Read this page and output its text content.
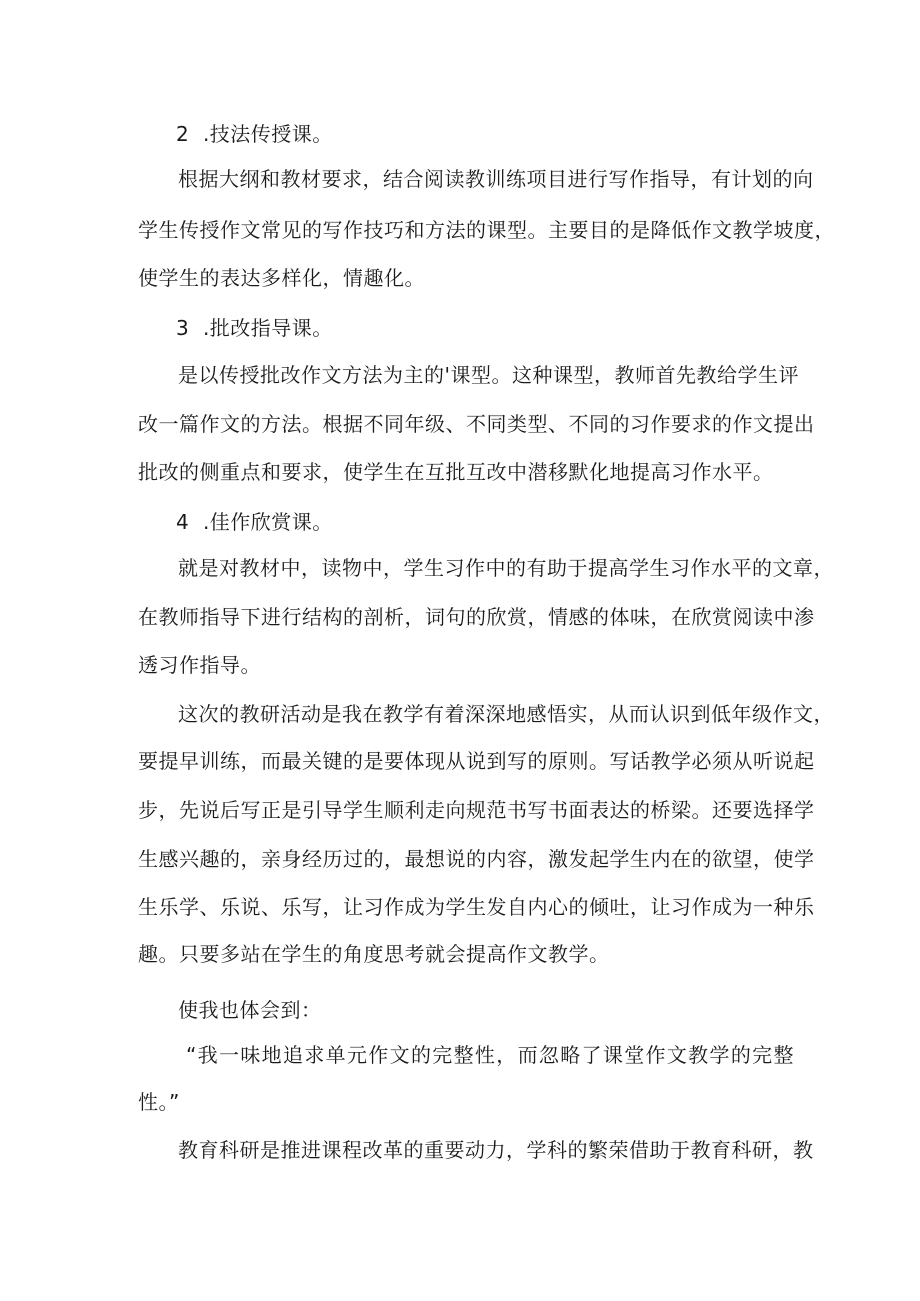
2  .技法传授课。
根据大纲和教材要求，结合阅读教训练项目进行写作指导，有计划的向
学生传授作文常见的写作技巧和方法的课型。主要目的是降低作文教学坡度，
使学生的表达多样化，情趣化。
3  .批改指导课。
是以传授批改作文方法为主的'课型。这种课型，教师首先教给学生评
改一篇作文的方法。根据不同年级、不同类型、不同的习作要求的作文提出
批改的侧重点和要求，使学生在互批互改中潜移默化地提高习作水平。
4  .佳作欣赏课。
就是对教材中，读物中，学生习作中的有助于提高学生习作水平的文章，
在教师指导下进行结构的剖析，词句的欣赏，情感的体味，在欣赏阅读中渗
透习作指导。
这次的教研活动是我在教学有着深深地感悟实，从而认识到低年级作文，
要提早训练，而最关键的是要体现从说到写的原则。写话教学必须从听说起
步，先说后写正是引导学生顺利走向规范书写书面表达的桥梁。还要选择学
生感兴趣的，亲身经历过的，最想说的内容，激发起学生内在的欲望，使学
生乐学、乐说、乐写，让习作成为学生发自内心的倾吐，让习作成为一种乐
趣。只要多站在学生的角度思考就会提高作文教学。
使我也体会到：
“我一味地追求单元作文的完整性，而忽略了课堂作文教学的完整
性。”
教育科研是推进课程改革的重要动力，学科的繁荣借助于教育科研，教
